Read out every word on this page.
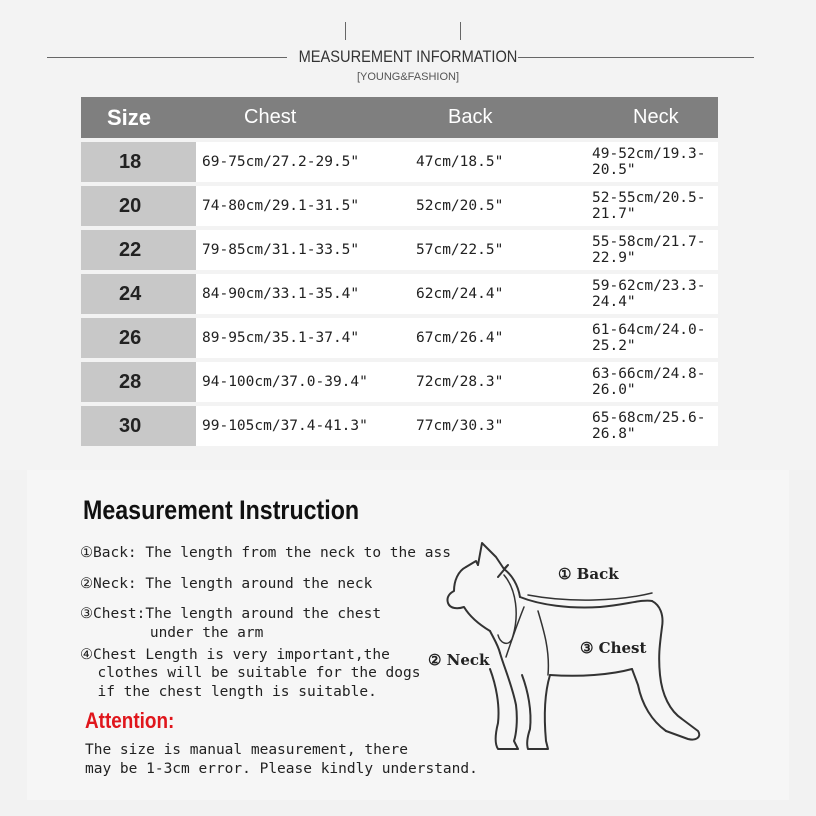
MEASUREMENT INFORMATION
[YOUNG&FASHION]
Size	Chest	Back	Neck
18	69-75cm/27.2-29.5"	47cm/18.5"	49-52cm/19.3-20.5"
20	74-80cm/29.1-31.5"	52cm/20.5"	52-55cm/20.5-21.7"
22	79-85cm/31.1-33.5"	57cm/22.5"	55-58cm/21.7-22.9"
24	84-90cm/33.1-35.4"	62cm/24.4"	59-62cm/23.3-24.4"
26	89-95cm/35.1-37.4"	67cm/26.4"	61-64cm/24.0-25.2"
28	94-100cm/37.0-39.4"	72cm/28.3"	63-66cm/24.8-26.0"
30	99-105cm/37.4-41.3"	77cm/30.3"	65-68cm/25.6-26.8"
Measurement Instruction
①Back: The length from the neck to the ass
②Neck: The length around the neck
③Chest:The length around the chest
under the arm
④Chest Length is very important,the
clothes will be suitable for the dogs
if the chest length is suitable.
Attention:
The size is manual measurement, there
may be 1-3cm error. Please kindly understand.
① Back
② Neck
③ Chest
